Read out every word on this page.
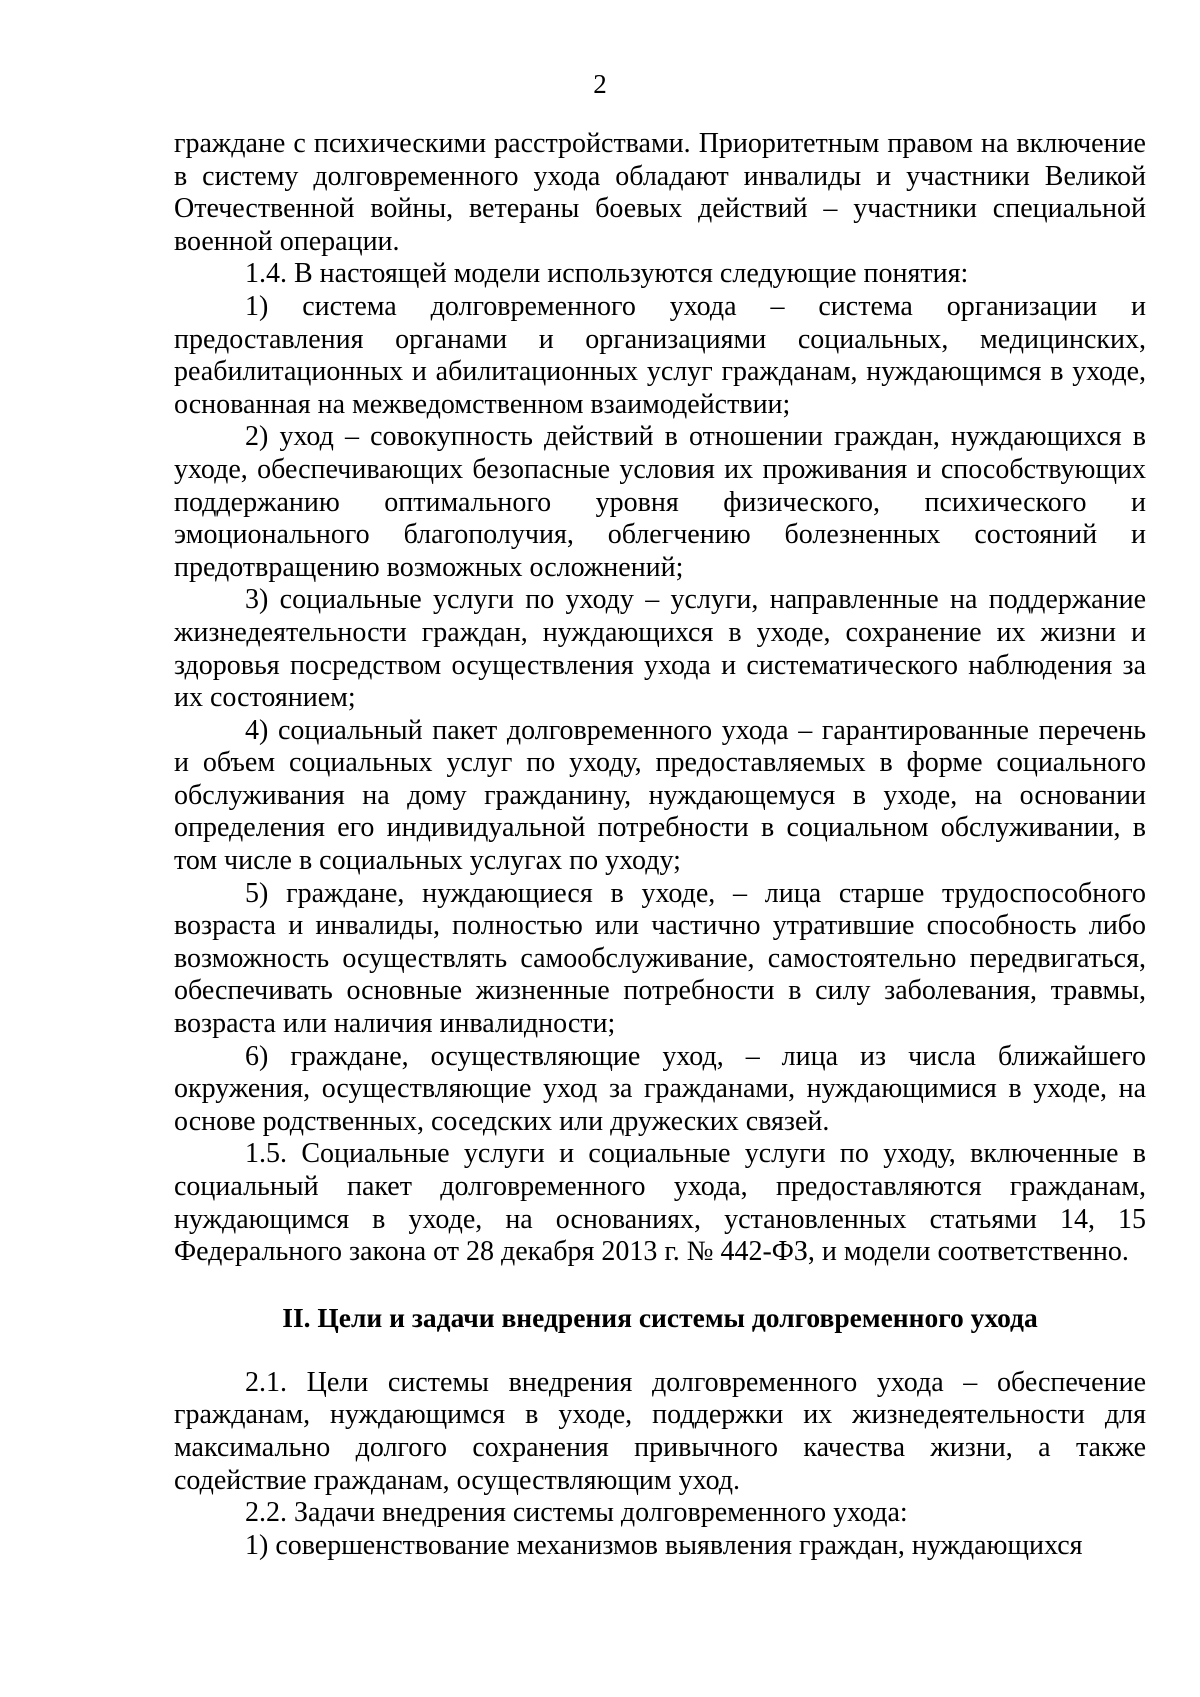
2

граждане с психическими расстройствами. Приоритетным правом на включение в систему долговременного ухода обладают инвалиды и участники Великой Отечественной войны, ветераны боевых действий – участники специальной военной операции.

1.4. В настоящей модели используются следующие понятия:

1) система долговременного ухода – система организации и предоставления органами и организациями социальных, медицинских, реабилитационных и абилитационных услуг гражданам, нуждающимся в уходе, основанная на межведомственном взаимодействии;

2) уход – совокупность действий в отношении граждан, нуждающихся в уходе, обеспечивающих безопасные условия их проживания и способствующих поддержанию оптимального уровня физического, психического и эмоционального благополучия, облегчению болезненных состояний и предотвращению возможных осложнений;

3) социальные услуги по уходу – услуги, направленные на поддержание жизнедеятельности граждан, нуждающихся в уходе, сохранение их жизни и здоровья посредством осуществления ухода и систематического наблюдения за их состоянием;

4) социальный пакет долговременного ухода – гарантированные перечень и объем социальных услуг по уходу, предоставляемых в форме социального обслуживания на дому гражданину, нуждающемуся в уходе, на основании определения его индивидуальной потребности в социальном обслуживании, в том числе в социальных услугах по уходу;

5) граждане, нуждающиеся в уходе, – лица старше трудоспособного возраста и инвалиды, полностью или частично утратившие способность либо возможность осуществлять самообслуживание, самостоятельно передвигаться, обеспечивать основные жизненные потребности в силу заболевания, травмы, возраста или наличия инвалидности;

6) граждане, осуществляющие уход, – лица из числа ближайшего окружения, осуществляющие уход за гражданами, нуждающимися в уходе, на основе родственных, соседских или дружеских связей.

1.5. Социальные услуги и социальные услуги по уходу, включенные в социальный пакет долговременного ухода, предоставляются гражданам, нуждающимся в уходе, на основаниях, установленных статьями 14, 15 Федерального закона от 28 декабря 2013 г. № 442-ФЗ, и модели соответственно.

II. Цели и задачи внедрения системы долговременного ухода

2.1. Цели системы внедрения долговременного ухода – обеспечение гражданам, нуждающимся в уходе, поддержки их жизнедеятельности для максимально долгого сохранения привычного качества жизни, а также содействие гражданам, осуществляющим уход.

2.2. Задачи внедрения системы долговременного ухода:

1) совершенствование механизмов выявления граждан, нуждающихся
